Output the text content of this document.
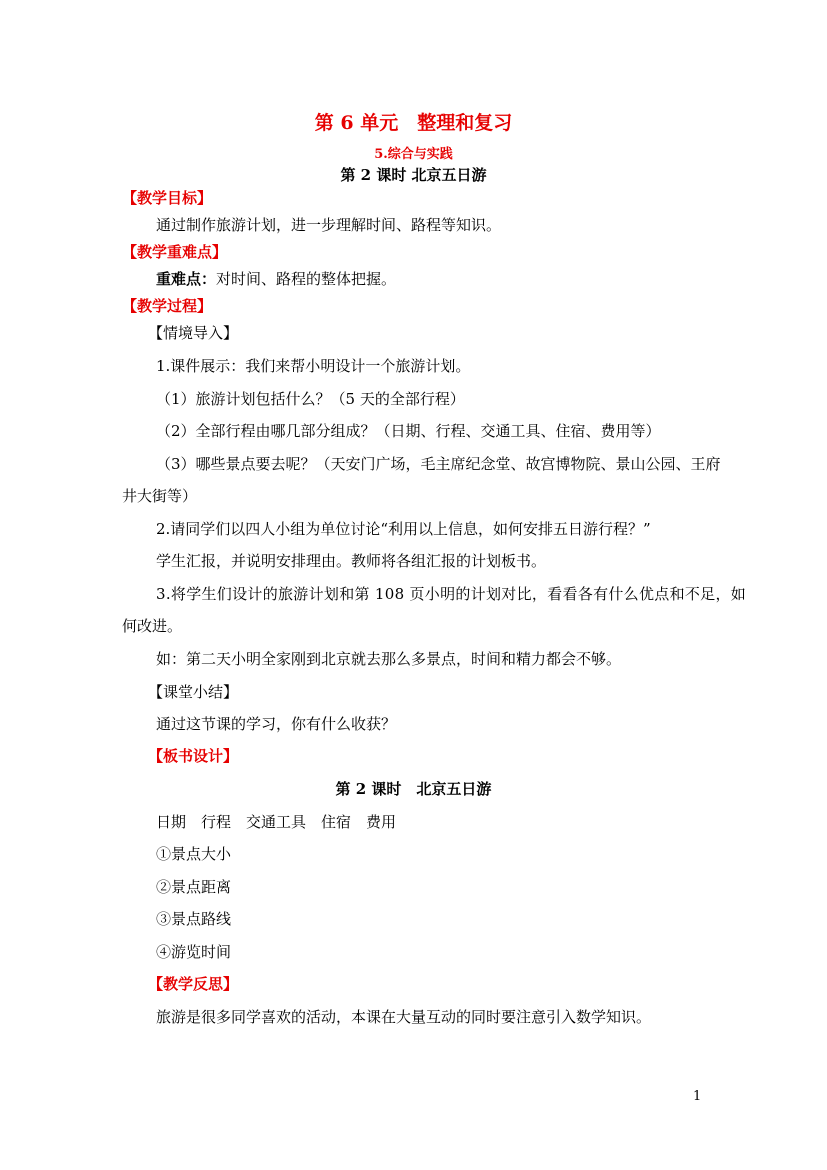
第 6 单元　整理和复习
5.综合与实践
第 2 课时 北京五日游
【教学目标】
通过制作旅游计划，进一步理解时间、路程等知识。
【教学重难点】
重难点：对时间、路程的整体把握。
【教学过程】
【情境导入】
1.课件展示：我们来帮小明设计一个旅游计划。
（1）旅游计划包括什么？（5 天的全部行程）
（2）全部行程由哪几部分组成？（日期、行程、交通工具、住宿、费用等）
（3）哪些景点要去呢？（天安门广场，毛主席纪念堂、故宫博物院、景山公园、王府
井大街等）
2.请同学们以四人小组为单位讨论“利用以上信息，如何安排五日游行程？”
学生汇报，并说明安排理由。教师将各组汇报的计划板书。
3.将学生们设计的旅游计划和第 108 页小明的计划对比，看看各有什么优点和不足，如
何改进。
如：第二天小明全家刚到北京就去那么多景点，时间和精力都会不够。
【课堂小结】
通过这节课的学习，你有什么收获？
【板书设计】
第 2 课时　北京五日游
日期　行程　交通工具　住宿　费用
①景点大小
②景点距离
③景点路线
④游览时间
【教学反思】
旅游是很多同学喜欢的活动，本课在大量互动的同时要注意引入数学知识。
1
